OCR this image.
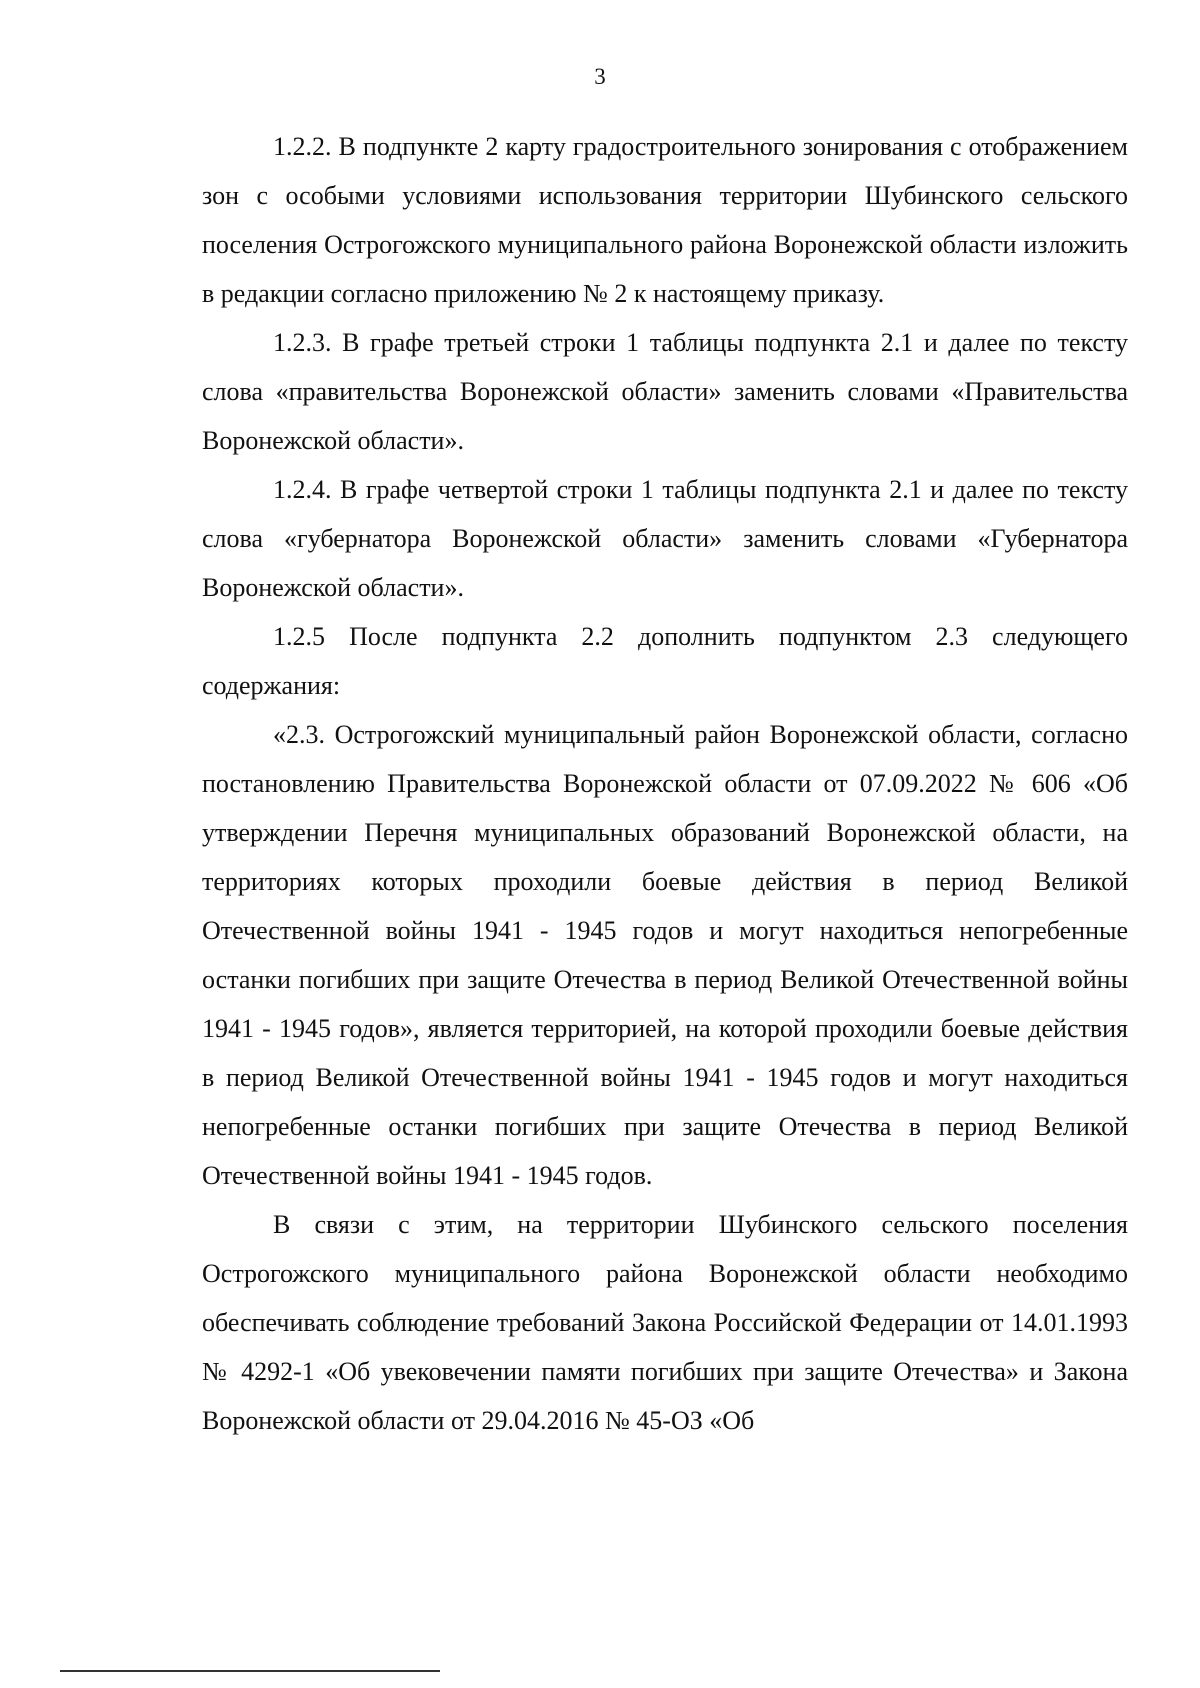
3

1.2.2. В подпункте 2 карту градостроительного зонирования с отображением зон с особыми условиями использования территории Шубинского сельского поселения Острогожского муниципального района Воронежской области изложить в редакции согласно приложению № 2 к настоящему приказу.

1.2.3. В графе третьей строки 1 таблицы подпункта 2.1 и далее по тексту слова «правительства Воронежской области» заменить словами «Правительства Воронежской области».

1.2.4. В графе четвертой строки 1 таблицы подпункта 2.1 и далее по тексту слова «губернатора Воронежской области» заменить словами «Губернатора Воронежской области».

1.2.5 После подпункта 2.2 дополнить подпунктом 2.3 следующего содержания:

«2.3. Острогожский муниципальный район Воронежской области, согласно постановлению Правительства Воронежской области от 07.09.2022 № 606 «Об утверждении Перечня муниципальных образований Воронежской области, на территориях которых проходили боевые действия в период Великой Отечественной войны 1941 - 1945 годов и могут находиться непогребенные останки погибших при защите Отечества в период Великой Отечественной войны 1941 - 1945 годов», является территорией, на которой проходили боевые действия в период Великой Отечественной войны 1941 - 1945 годов и могут находиться непогребенные останки погибших при защите Отечества в период Великой Отечественной войны 1941 - 1945 годов.

В связи с этим, на территории Шубинского сельского поселения Острогожского муниципального района Воронежской области необходимо обеспечивать соблюдение требований Закона Российской Федерации от 14.01.1993 № 4292-1 «Об увековечении памяти погибших при защите Отечества» и Закона Воронежской области от 29.04.2016 № 45-ОЗ «Об
